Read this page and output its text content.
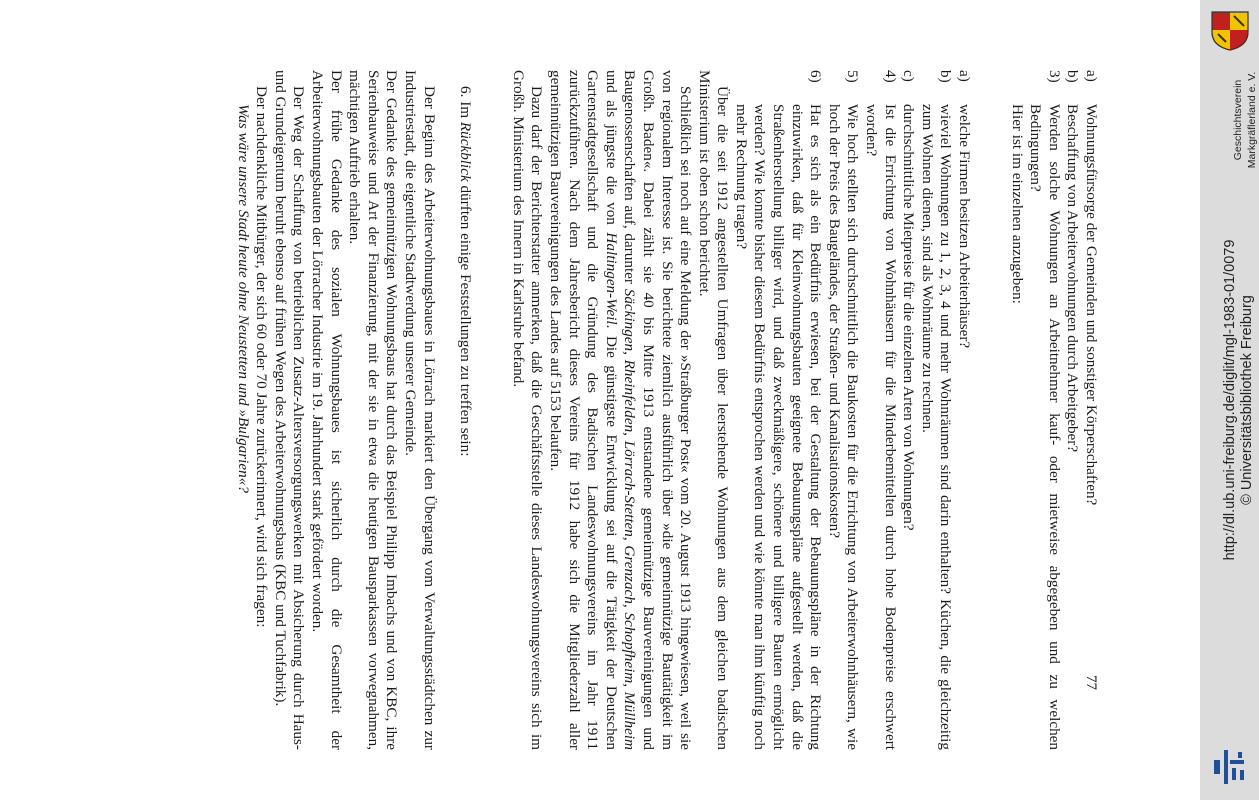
77
a)
Wohnungsfürsorge der Gemeinden und sonstiger Körperschaften?
b)
Beschaffung von Arbeiterwohnungen durch Arbeitgeber?
3)
Werden solche Wohnungen an Arbeitnehmer kauf- oder mietweise abgegeben und zu welchen Bedingungen?
Hier ist im einzelnen anzugeben:
a)
welche Firmen besitzen Arbeiterhäuser?
b)
wieviel Wohnungen zu 1, 2, 3, 4 und mehr Wohnräumen sind darin enthalten? Küchen, die gleichzeitig zum Wohnen dienen, sind als Wohnräume zu rechnen.
c)
durchschnittliche Mietpreise für die einzelnen Arten von Wohnungen?
4)
Ist die Errichtung von Wohnhäusern für die Minderbemittelten durch hohe Bodenpreise erschwert worden?
5)
Wie hoch stellten sich durchschnittlich die Baukosten für die Errichtung von Arbeiterwohnhäusern, wie hoch der Preis des Baugeländes, der Straßen- und Kanalisationskosten?
6)
Hat es sich als ein Bedürfnis erwiesen, bei der Gestaltung der Bebauungspläne in der Richtung einzuwirken, daß für Kleinwohnungsbauten geeignete Bebauungspläne aufgestellt werden, daß die Straßenherstellung billiger wird, und daß zweckmäßigere, schönere und billigere Bauten ermöglicht werden? Wie konnte bisher diesem Bedürfnis entsprochen werden und wie könnte man ihm künftig noch mehr Rechnung tragen?

Über die seit 1912 angestellten Umfragen über leerstehende Wohnungen aus dem gleichen badischen Ministerium ist oben schon berichtet.

Schließlich sei noch auf eine Meldung der »Straßburger Post« vom 20. August 1913 hingewiesen, weil sie von regionalem Interesse ist. Sie berichtete ziemlich ausführlich über »die gemeinnützige Bautätigkeit im Großh. Baden«. Dabei zählt sie 40 bis Mitte 1913 entstandene gemeinnützige Bauvereinigungen und Baugenossenschaften auf, darunter Säckingen, Rheinfelden, Lörrach-Stetten, Grenzach, Schopfheim, Müllheim und als jüngste die von Haltingen-Weil. Die günstigste Entwicklung sei auf die Tätigkeit der Deutschen Gartenstadtgesellschaft und die Gründung des Badischen Landeswohnungsvereins im Jahr 1911 zurückzuführen. Nach dem Jahresbericht dieses Vereins für 1912 habe sich die Mitgliederzahl aller gemeinnützigen Bauvereinigungen des Landes auf 5153 belaufen.

Dazu darf der Berichterstatter anmerken, daß die Geschäftsstelle dieses Landeswohnungsvereins sich im Großh. Ministerium des Innern in Karlsruhe befand.

6. Im Rückblick dürften einige Feststellungen zu treffen sein:

Der Beginn des Arbeiterwohnungsbaues in Lörrach markiert den Übergang vom Verwaltungsstädtchen zur Industriestadt, die eigentliche Stadtwerdung unserer Gemeinde.

Der Gedanke des gemeinnützigen Wohnungsbaus hat durch das Beispiel Philipp Imbachs und von KBC, ihre Serienbauweise und Art der Finanzierung, mit der sie in etwa die heutigen Bausparkassen vorwegnahmen, mächtigen Auftrieb erhalten.

Der frühe Gedanke des sozialen Wohnungsbaues ist sicherlich durch die Gesamtheit der Arbeiterwohnungsbauten der Lörracher Industrie im 19. Jahrhundert stark gefördert worden.

Der Weg der Schaffung von betrieblichen Zusatz-Altersversorgungswerken mit Absicherung durch Haus- und Grundeigentum beruht ebenso auf frühen Wegen des Arbeiterwohnungsbaus (KBC und Tuchfabrik).

Der nachdenkliche Mitbürger, der sich 60 oder 70 Jahre zurückerinnert, wird sich fragen:

Was wäre unsere Stadt heute ohne Neustetten und »Bulgarien«?	Geschichtsverein Markgräflerland e. V.
http://dl.ub.uni-freiburg.de/diglit/mgl-1983-01/0079 © Universitätsbibliothek Freiburg
